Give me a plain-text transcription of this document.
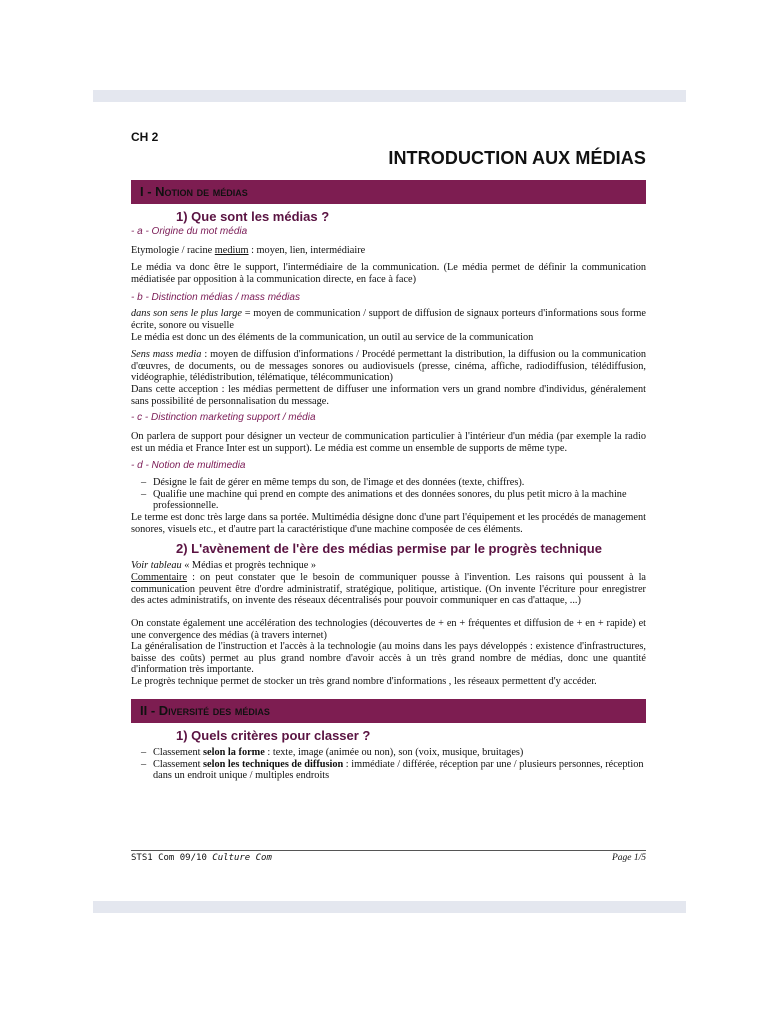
CH 2
INTRODUCTION AUX MÉDIAS
I - Notion de médias
1) Que sont les médias ?
- a - Origine du mot média
Etymologie / racine medium : moyen, lien, intermédiaire
Le média va donc être le support, l'intermédiaire de la communication. (Le média permet de définir la communication médiatisée par opposition à la communication directe, en face à face)
- b - Distinction médias / mass médias
dans son sens le plus large = moyen de communication / support de diffusion de signaux porteurs d'informations sous forme écrite, sonore ou visuelle
Le média est donc un des éléments de la communication, un outil au service de la communication
Sens mass media : moyen de diffusion d'informations / Procédé permettant la distribution, la diffusion ou la communication d'œuvres, de documents, ou de messages sonores ou audiovisuels (presse, cinéma, affiche, radiodiffusion, télédiffusion, vidéographie, télédistribution, télématique, télécommunication)
Dans cette acception : les médias permettent de diffuser une information vers un grand nombre d'individus, généralement sans possibilité de personnalisation du message.
- c - Distinction marketing support / média
On parlera de support pour désigner un vecteur de communication particulier à l'intérieur d'un média (par exemple la radio est un média et France Inter est un support). Le média est comme un ensemble de supports de même type.
- d - Notion de multimedia
– Désigne le fait de gérer en même temps du son, de l'image et des données (texte, chiffres).
– Qualifie une machine qui prend en compte des animations et des données sonores, du plus petit micro à la machine professionnelle.
Le terme est donc très large dans sa portée. Multimédia désigne donc d'une part l'équipement et les procédés de management sonores, visuels etc., et d'autre part la caractéristique d'une machine composée de ces éléments.
2) L'avènement de l'ère des médias permise par le progrès technique
Voir tableau « Médias et progrès technique »
Commentaire : on peut constater que le besoin de communiquer pousse à l'invention. Les raisons qui poussent à la communication peuvent être d'ordre administratif, stratégique, politique, artistique. (On invente l'écriture pour enregistrer des actes administratifs, on invente des réseaux décentralisés pour pouvoir communiquer en cas d'attaque, ...)
On constate également une accélération des technologies (découvertes de + en + fréquentes et diffusion de + en + rapide) et une convergence des médias (à travers internet)
La généralisation de l'instruction et l'accès à la technologie (au moins dans les pays développés : existence d'infrastructures, baisse des coûts) permet au plus grand nombre d'avoir accès à un très grand nombre de médias, donc une quantité d'information très importante.
Le progrès technique permet de stocker un très grand nombre d'informations , les réseaux permettent d'y accéder.
II - Diversité des médias
1) Quels critères pour classer ?
– Classement selon la forme : texte, image (animée ou non), son (voix, musique, bruitages)
– Classement selon les techniques de diffusion : immédiate / différée, réception par une / plusieurs personnes, réception dans un endroit unique / multiples endroits
STS1 Com 09/10 Culture Com	Page 1/5
